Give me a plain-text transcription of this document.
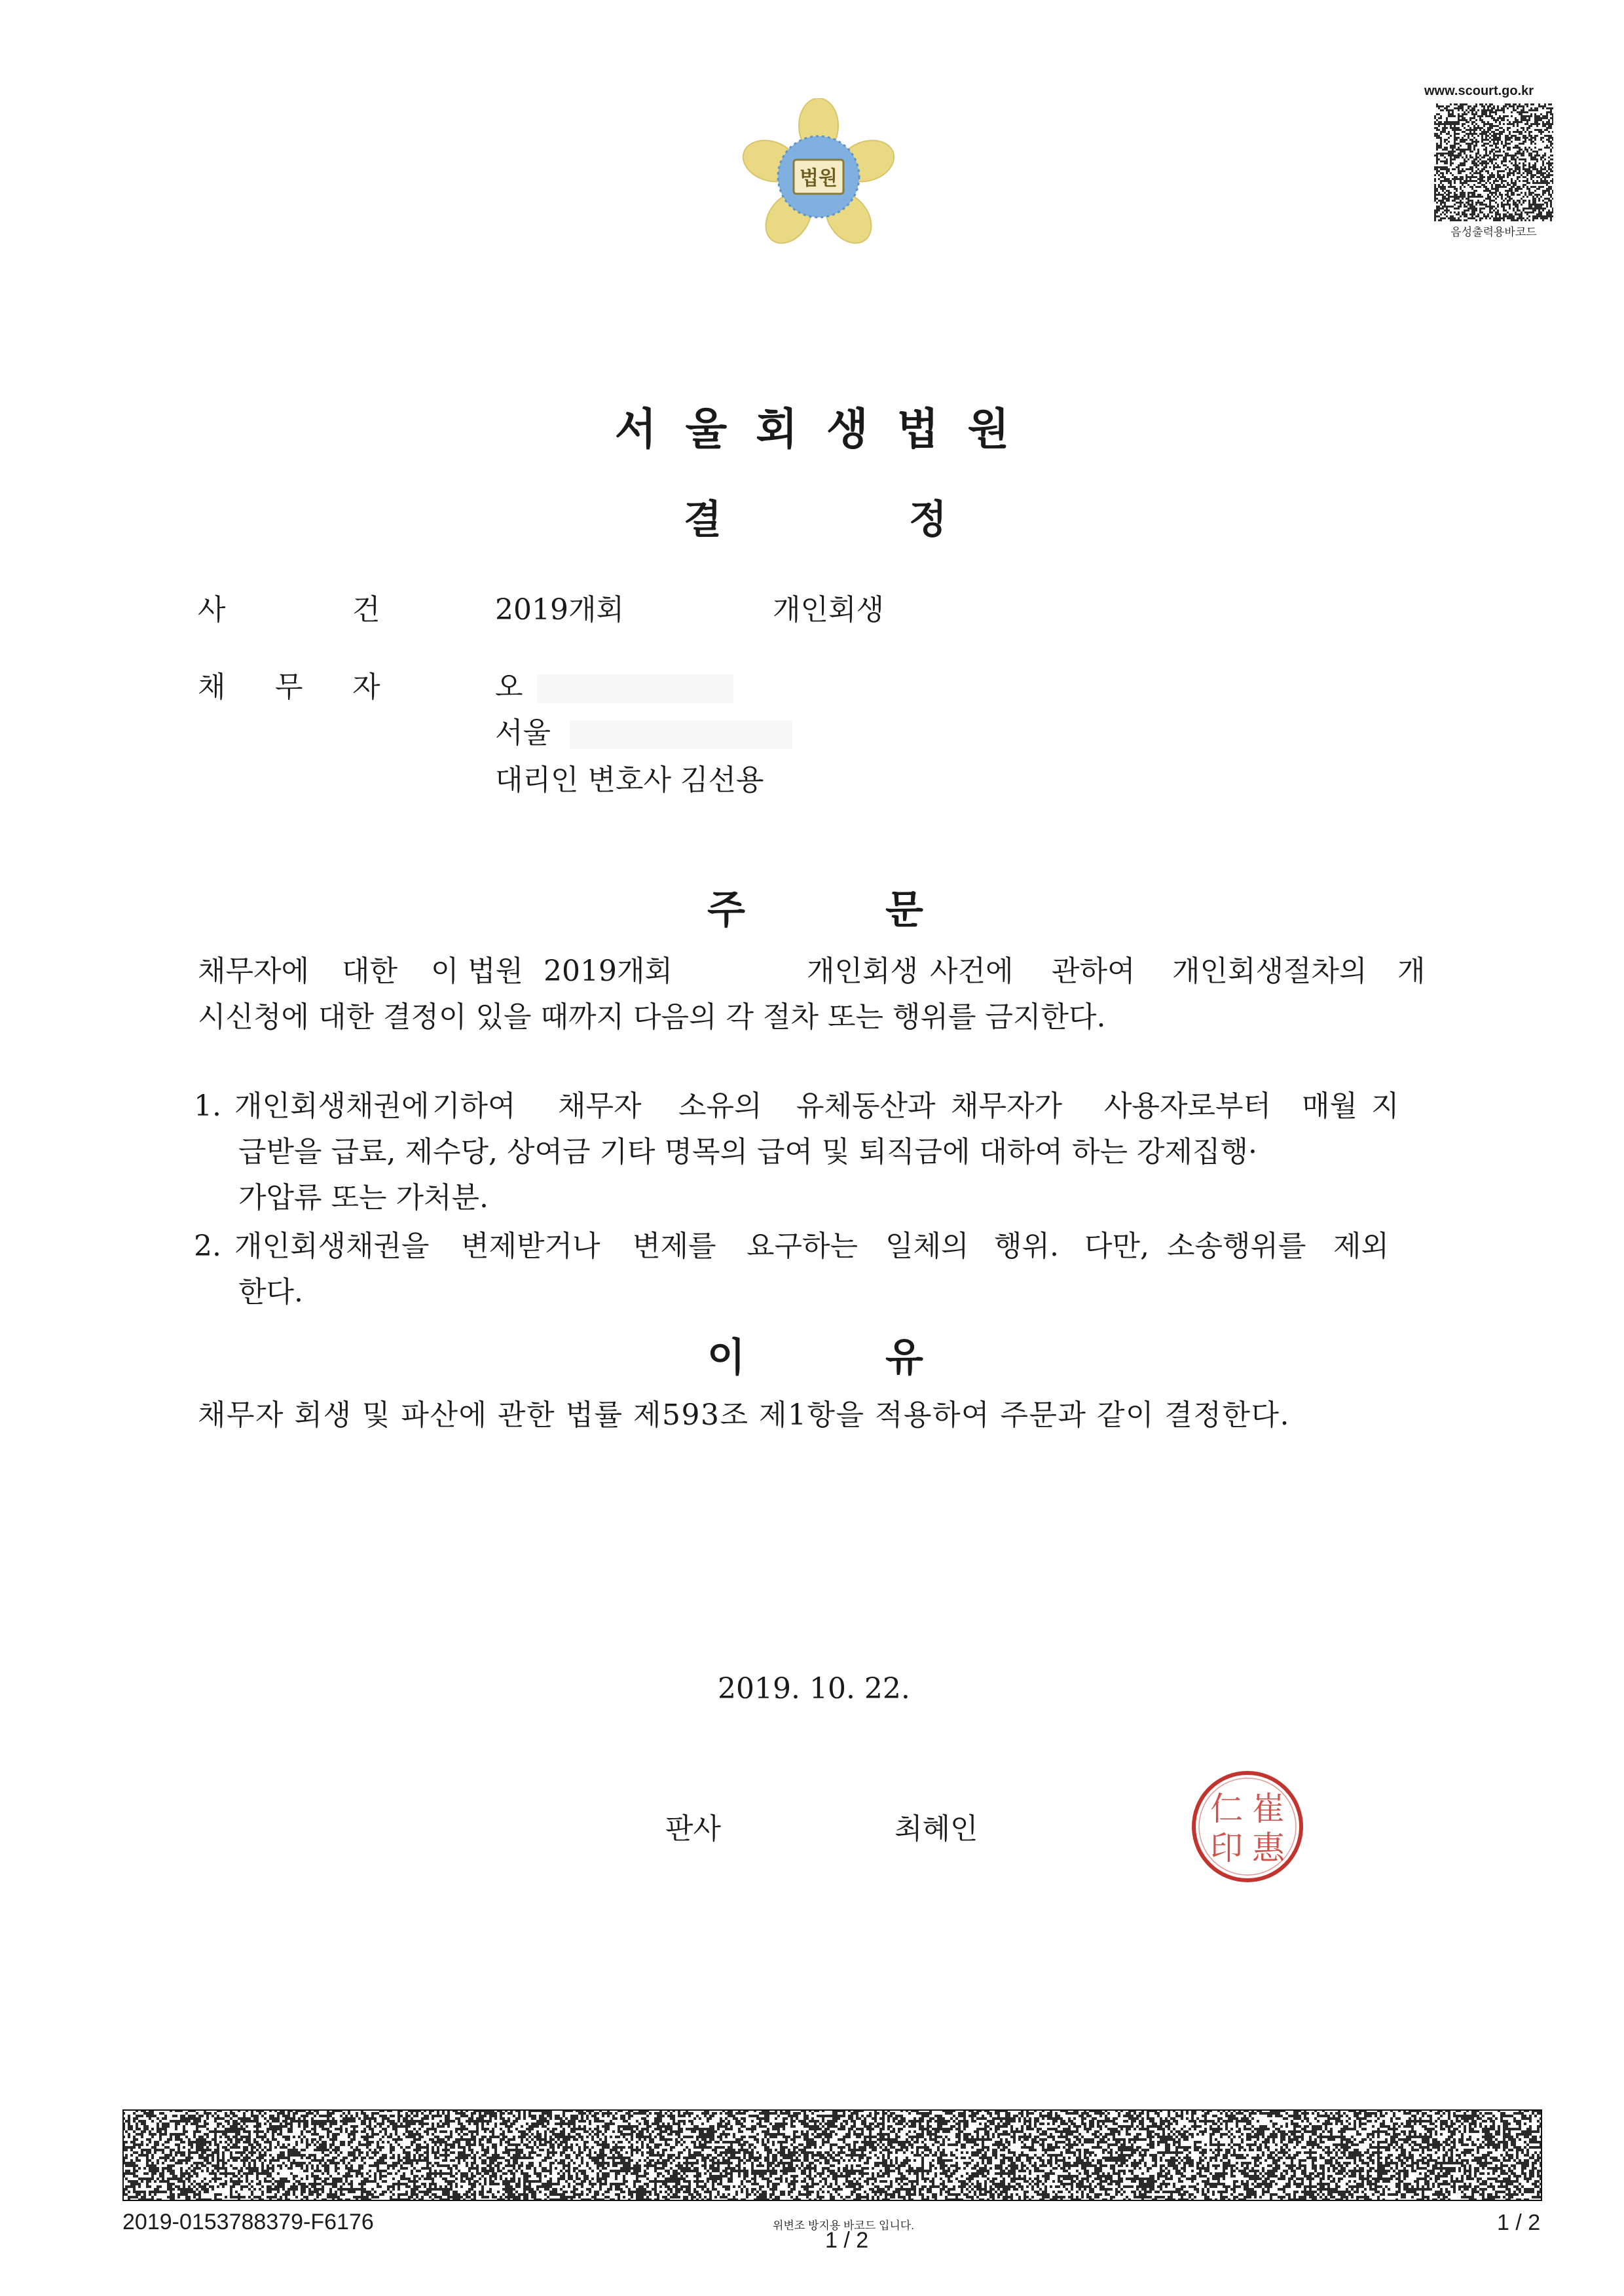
www.scourt.go.kr
음성출력용바코드
법원
서울회생법원
결	정
사	건	2019개회	개인회생
채 무 자	오
서울
대리인 변호사 김선용
주	문
채무자에 대한 이 법원 2019개회	개인회생 사건에 관하여 개인회생절차의 개
시신청에 대한 결정이 있을 때까지 다음의 각 절차 또는 행위를 금지한다.
1. 개인회생채권에 기하여 채무자 소유의 유체동산과 채무자가 사용자로부터 매월 지
급받을 급료, 제수당, 상여금 기타 명목의 급여 및 퇴직금에 대하여 하는 강제집행·
가압류 또는 가처분.
2. 개인회생채권을 변제받거나 변제를 요구하는 일체의 행위. 다만, 소송행위를 제외
한다.
이	유
채무자 회생 및 파산에 관한 법률 제593조 제1항을 적용하여 주문과 같이 결정한다.
2019. 10. 22.
판사	최혜인
崔
惠
仁
印
2019-0153788379-F6176	위변조 방지용 바코드 입니다.
1 / 2
1 / 2
